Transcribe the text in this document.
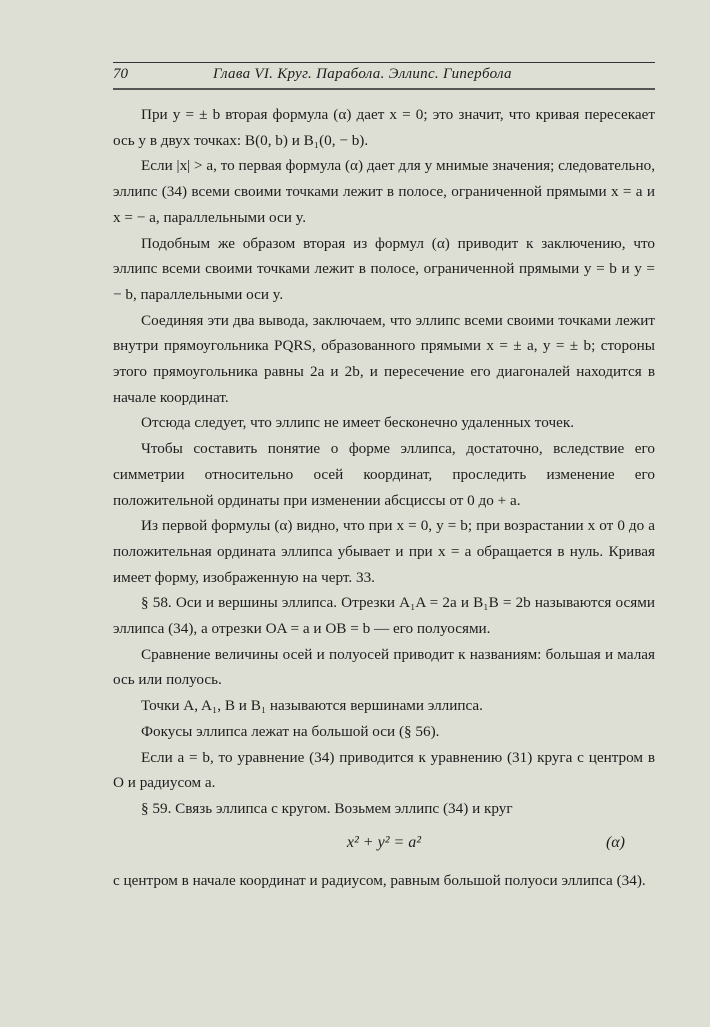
70	Глава VI. Круг. Парабола. Эллипс. Гипербола

При y = ± b вторая формула (α) дает x = 0; это значит, что кривая пересекает ось y в двух точках: B(0, b) и B₁(0, − b).

Если |x| > a, то первая формула (α) дает для y мнимые значения; следовательно, эллипс (34) всеми своими точками лежит в полосе, ограниченной прямыми x = a и x = − a, параллельными оси y.

Подобным же образом вторая из формул (α) приводит к заключению, что эллипс всеми своими точками лежит в полосе, ограниченной прямыми y = b и y = − b, параллельными оси y.

Соединяя эти два вывода, заключаем, что эллипс всеми своими точками лежит внутри прямоугольника PQRS, образованного прямыми x = ± a, y = ± b; стороны этого прямоугольника равны 2a и 2b, и пересечение его диагоналей находится в начале координат.

Отсюда следует, что эллипс не имеет бесконечно удаленных точек.

Чтобы составить понятие о форме эллипса, достаточно, вследствие его симметрии относительно осей координат, проследить изменение его положительной ординаты при изменении абсциссы от 0 до + a.

Из первой формулы (α) видно, что при x = 0, y = b; при возрастании x от 0 до a положительная ордината эллипса убывает и при x = a обращается в нуль. Кривая имеет форму, изображенную на черт. 33.

§ 58. Оси и вершины эллипса. Отрезки A₁A = 2a и B₁B = 2b называются осями эллипса (34), а отрезки OA = a и OB = b — его полуосями.

Сравнение величины осей и полуосей приводит к названиям: большая и малая ось или полуось.

Точки A, A₁, B и B₁ называются вершинами эллипса.

Фокусы эллипса лежат на большой оси (§ 56).

Если a = b, то уравнение (34) приводится к уравнению (31) круга с центром в O и радиусом a.

§ 59. Связь эллипса с кругом. Возьмем эллипс (34) и круг

x² + y² = a²	(α)

с центром в начале координат и радиусом, равным большой полуоси эллипса (34).
